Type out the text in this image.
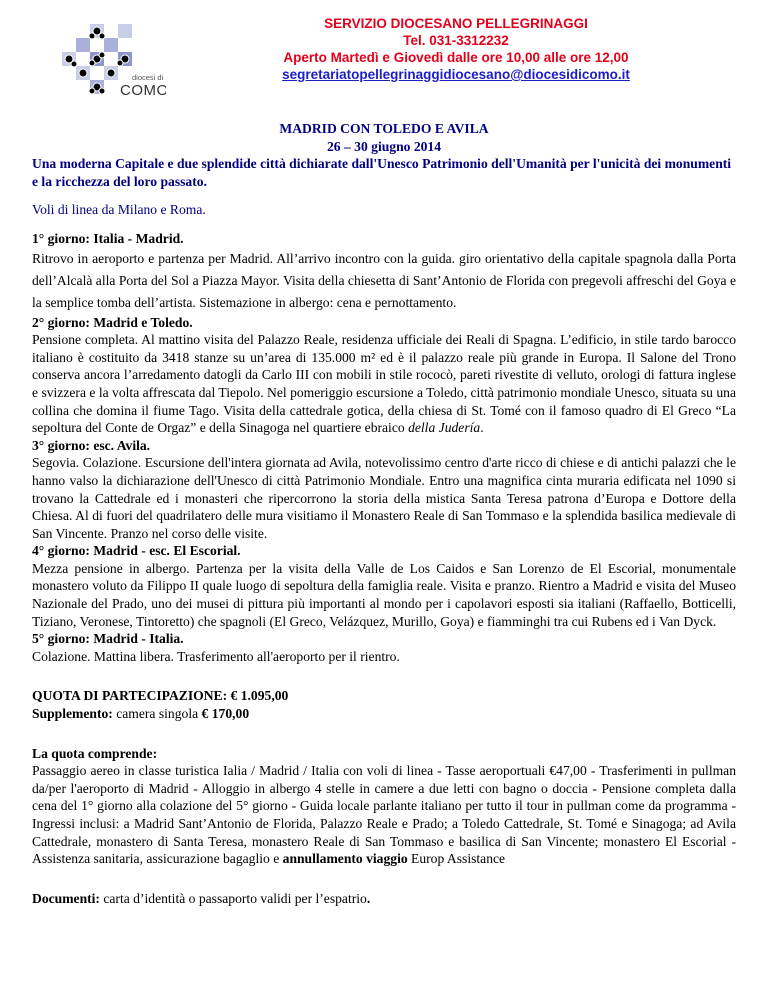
diocesi di
COMO
SERVIZIO DIOCESANO PELLEGRINAGGI
Tel. 031-3312232
Aperto Martedì e Giovedì dalle ore 10,00 alle ore 12,00
segretariatopellegrinaggidiocesano@diocesidicomo.it
MADRID CON TOLEDO E AVILA
26 – 30 giugno 2014
Una moderna Capitale e due splendide città dichiarate dall'Unesco Patrimonio dell'Umanità per l'unicità dei monumenti e la ricchezza del loro passato.
Voli di linea da Milano e Roma.
1° giorno: Italia - Madrid.
Ritrovo in aeroporto e partenza per Madrid. All’arrivo incontro con la guida. giro orientativo della capitale spagnola dalla Porta dell’Alcalà alla Porta del Sol a Piazza Mayor. Visita della chiesetta di Sant’Antonio de Florida con pregevoli affreschi del Goya e la semplice tomba dell’artista. Sistemazione in albergo: cena e pernottamento.
2° giorno: Madrid e Toledo.
Pensione completa. Al mattino visita del Palazzo Reale, residenza ufficiale dei Reali di Spagna. L’edificio, in stile tardo barocco italiano è costituito da 3418 stanze su un’area di 135.000 m² ed è il palazzo reale più grande in Europa. Il Salone del Trono conserva ancora l’arredamento datogli da Carlo III con mobili in stile rococò, pareti rivestite di velluto, orologi di fattura inglese e svizzera e la volta affrescata dal Tiepolo. Nel pomeriggio escursione a Toledo, città patrimonio mondiale Unesco, situata su una collina che domina il fiume Tago. Visita della cattedrale gotica, della chiesa di St. Tomé con il famoso quadro di El Greco “La sepoltura del Conte de Orgaz” e della Sinagoga nel quartiere ebraico della Judería.
3° giorno: esc. Avila.
Segovia. Colazione. Escursione dell'intera giornata ad Avila, notevolissimo centro d'arte ricco di chiese e di antichi palazzi che le hanno valso la dichiarazione dell'Unesco di città Patrimonio Mondiale. Entro una magnifica cinta muraria edificata nel 1090 si trovano la Cattedrale ed i monasteri che ripercorrono la storia della mistica Santa Teresa patrona d’Europa e Dottore della Chiesa. Al di fuori del quadrilatero delle mura visitiamo il Monastero Reale di San Tommaso e la splendida basilica medievale di San Vincente. Pranzo nel corso delle visite.
4° giorno: Madrid - esc. El Escorial.
Mezza pensione in albergo. Partenza per la visita della Valle de Los Caidos e San Lorenzo de El Escorial, monumentale monastero voluto da Filippo II quale luogo di sepoltura della famiglia reale. Visita e pranzo. Rientro a Madrid e visita del Museo Nazionale del Prado, uno dei musei di pittura più importanti al mondo per i capolavori esposti sia italiani (Raffaello, Botticelli, Tiziano, Veronese, Tintoretto) che spagnoli (El Greco, Velázquez, Murillo, Goya) e fiamminghi tra cui Rubens ed i Van Dyck.
5° giorno: Madrid - Italia.
Colazione. Mattina libera. Trasferimento all'aeroporto per il rientro.
QUOTA DI PARTECIPAZIONE: € 1.095,00
Supplemento: camera singola € 170,00
La quota comprende:
Passaggio aereo in classe turistica Ialia / Madrid / Italia con voli di linea - Tasse aeroportuali €47,00 - Trasferimenti in pullman da/per l'aeroporto di Madrid - Alloggio in albergo 4 stelle in camere a due letti con bagno o doccia - Pensione completa dalla cena del 1° giorno alla colazione del 5° giorno - Guida locale parlante italiano per tutto il tour in pullman come da programma - Ingressi inclusi: a Madrid Sant’Antonio de Florida, Palazzo Reale e Prado; a Toledo Cattedrale, St. Tomé e Sinagoga; ad Avila Cattedrale, monastero di Santa Teresa, monastero Reale di San Tommaso e basilica di San Vincente; monastero El Escorial - Assistenza sanitaria, assicurazione bagaglio e annullamento viaggio Europ Assistance
Documenti: carta d’identità o passaporto validi per l’espatrio.
